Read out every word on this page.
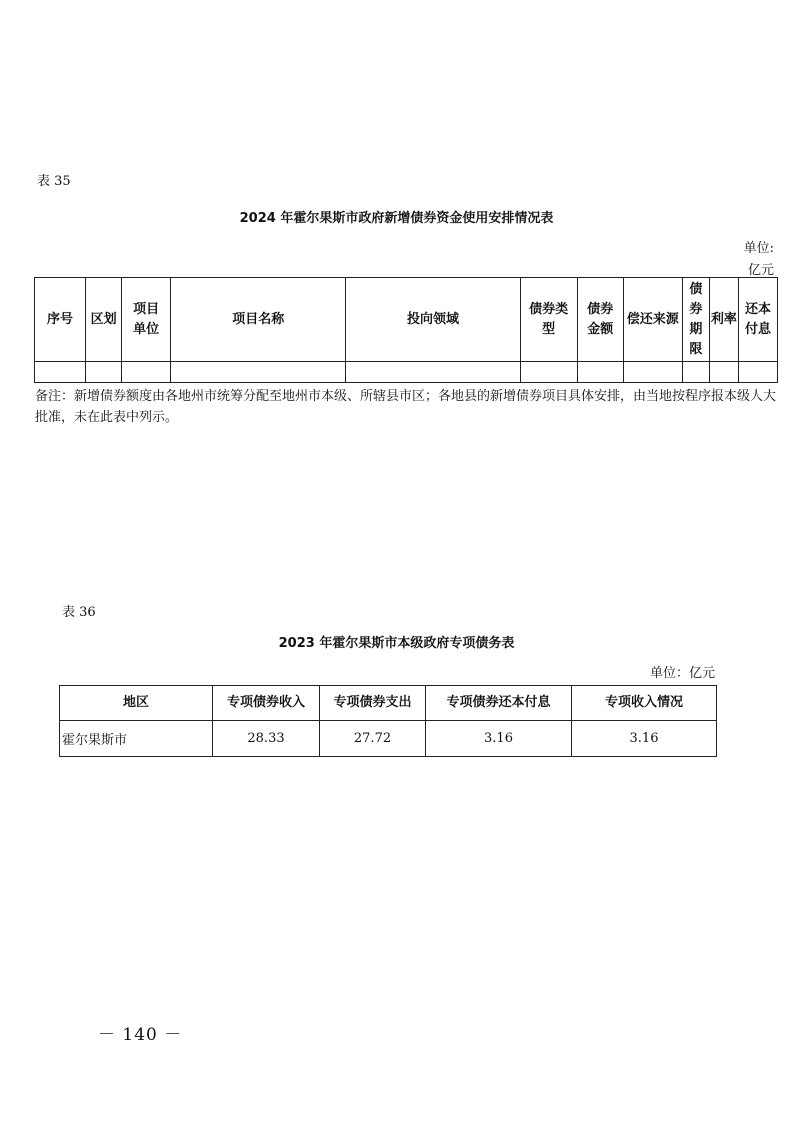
表 35
2024 年霍尔果斯市政府新增债券资金使用安排情况表
单位:
亿元
序号	区划	项目单位	项目名称	投向领域	债券类型	债券金额	偿还来源	债券期限	利率	还本付息

备注：新增债券额度由各地州市统筹分配至地州市本级、所辖县市区；各地县的新增债券项目具体安排，由当地按程序报本级人大批准，未在此表中列示。
表 36
2023 年霍尔果斯市本级政府专项债务表
单位：亿元
地区	专项债券收入	专项债券支出	专项债券还本付息	专项收入情况
霍尔果斯市	28.33	27.72	3.16	3.16
－ 140 －
